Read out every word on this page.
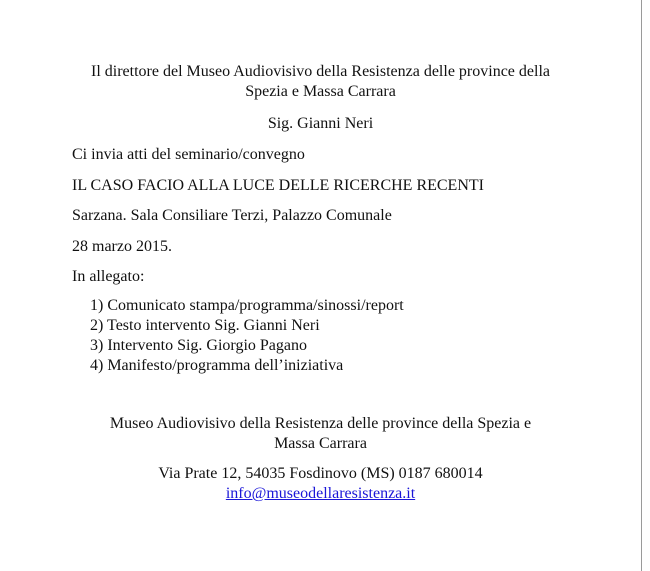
Il direttore del Museo Audiovisivo della Resistenza delle province della
Spezia e Massa Carrara
Sig. Gianni Neri
Ci invia atti del seminario/convegno
IL CASO FACIO ALLA LUCE DELLE RICERCHE RECENTI
Sarzana. Sala Consiliare Terzi, Palazzo Comunale
28 marzo 2015.
In allegato:
1) Comunicato stampa/programma/sinossi/report
2) Testo intervento Sig. Gianni Neri
3) Intervento Sig. Giorgio Pagano
4) Manifesto/programma dell’iniziativa
Museo Audiovisivo della Resistenza delle province della Spezia e
Massa Carrara
Via Prate 12, 54035 Fosdinovo (MS) 0187 680014
info@museodellaresistenza.it
